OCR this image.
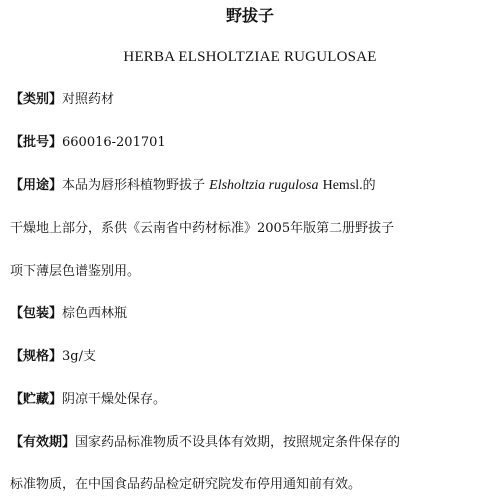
野拔子
HERBA ELSHOLTZIAE RUGULOSAE
【类别】对照药材
【批号】660016-201701
【用途】本品为唇形科植物野拔子 Elsholtzia rugulosa Hemsl.的
干燥地上部分，系供《云南省中药材标准》2005年版第二册野拔子
项下薄层色谱鉴别用。
【包装】棕色西林瓶
【规格】3g/支
【贮藏】阴凉干燥处保存。
【有效期】国家药品标准物质不设具体有效期，按照规定条件保存的
标准物质，在中国食品药品检定研究院发布停用通知前有效。
